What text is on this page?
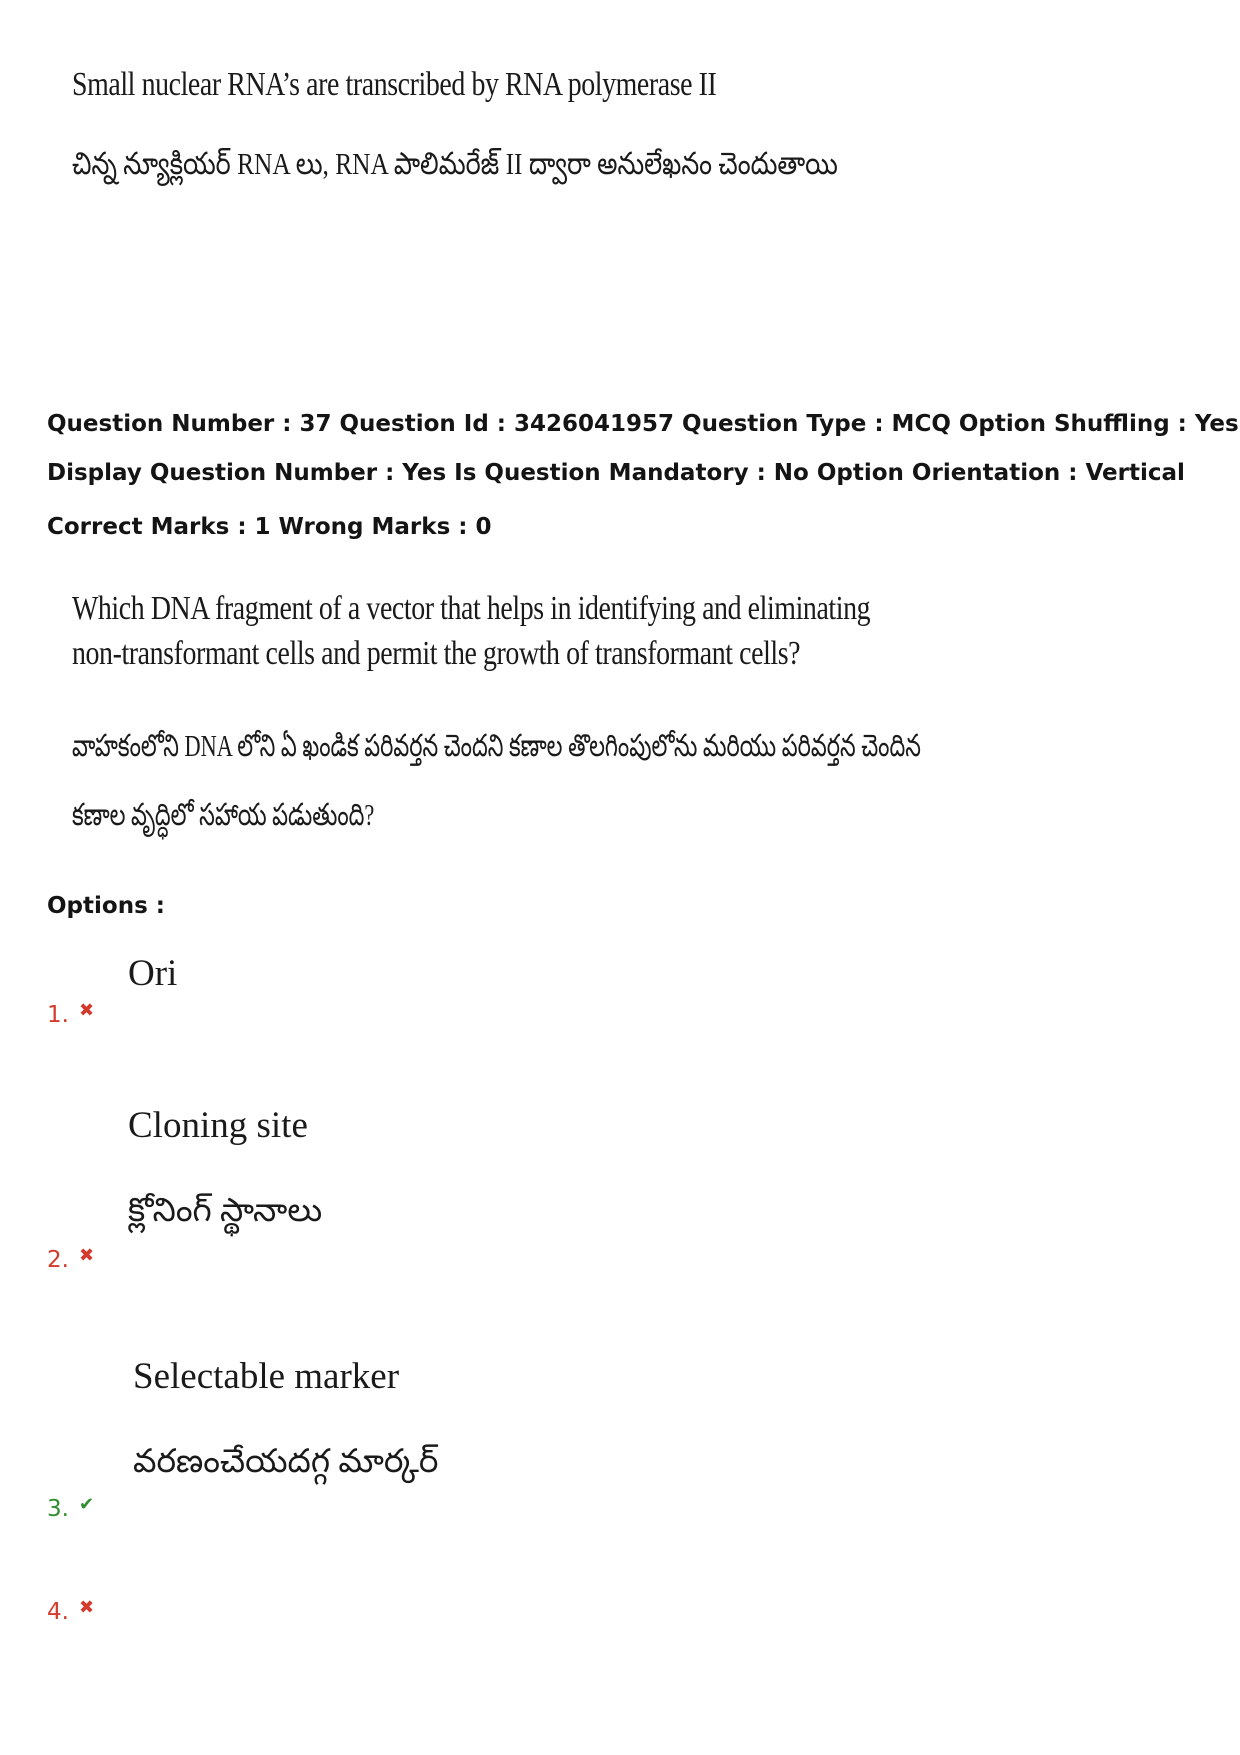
Small nuclear RNA’s are transcribed by RNA polymerase II
చిన్న న్యూక్లియర్ RNA లు, RNA పాలిమరేజ్ II ద్వారా అనులేఖనం చెందుతాయి
Question Number : 37 Question Id : 3426041957 Question Type : MCQ Option Shuffling : Yes
Display Question Number : Yes Is Question Mandatory : No Option Orientation : Vertical
Correct Marks : 1 Wrong Marks : 0
Which DNA fragment of a vector that helps in identifying and eliminating
non-transformant cells and permit the growth of transformant cells?
వాహకంలోని DNA లోని ఏ ఖండిక పరివర్తన చెందని కణాల తొలగింపులోను మరియు పరివర్తన చెందిన
కణాల వృద్ధిలో సహాయ పడుతుంది?
Options :
Ori
1. ✖
Cloning site
క్లోనింగ్ స్థానాలు
2. ✖
Selectable marker
వరణంచేయదగ్గ మార్కర్
3. ✔
4. ✖
